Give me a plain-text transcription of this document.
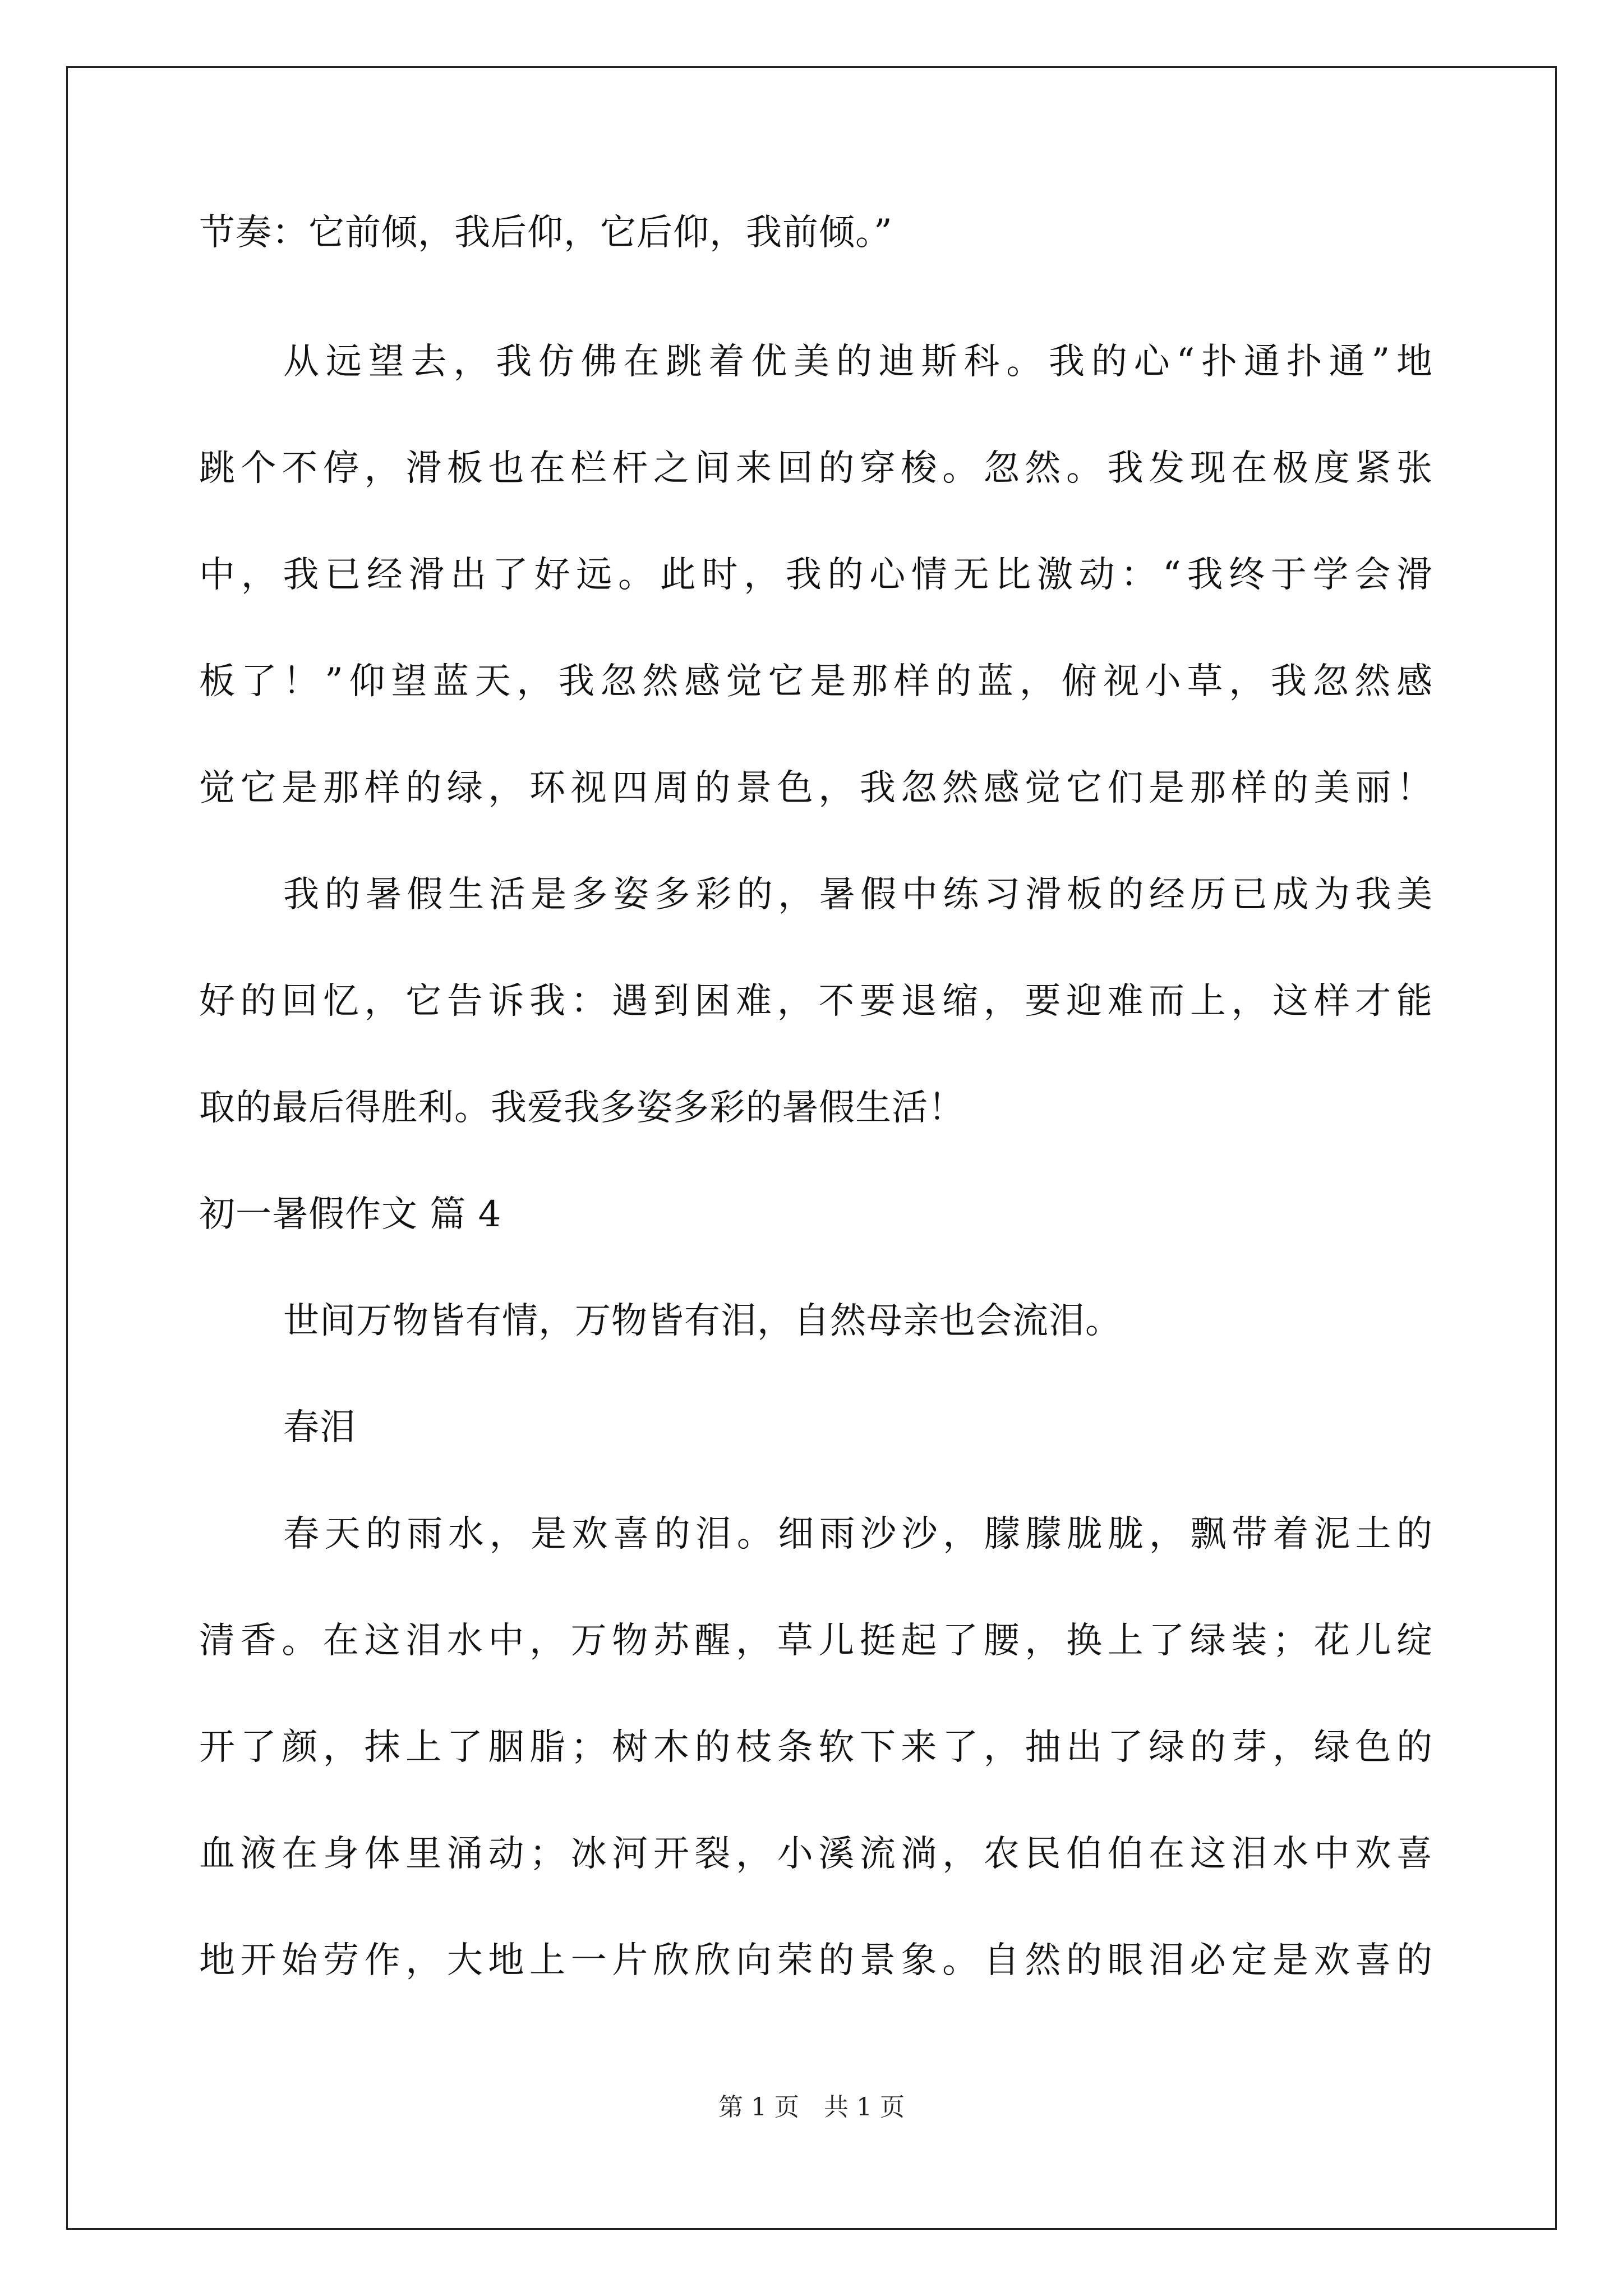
节奏：它前倾，我后仰，它后仰，我前倾。”
从远望去，我仿佛在跳着优美的迪斯科。我的心“扑通扑通”地
跳个不停，滑板也在栏杆之间来回的穿梭。忽然。我发现在极度紧张
中，我已经滑出了好远。此时，我的心情无比激动：“我终于学会滑
板了！”仰望蓝天，我忽然感觉它是那样的蓝，俯视小草，我忽然感
觉它是那样的绿，环视四周的景色，我忽然感觉它们是那样的美丽！
我的暑假生活是多姿多彩的，暑假中练习滑板的经历已成为我美
好的回忆，它告诉我：遇到困难，不要退缩，要迎难而上，这样才能
取的最后得胜利。我爱我多姿多彩的暑假生活！
初一暑假作文 篇 4
世间万物皆有情，万物皆有泪，自然母亲也会流泪。
春泪
春天的雨水，是欢喜的泪。细雨沙沙，朦朦胧胧，飘带着泥土的
清香。在这泪水中，万物苏醒，草儿挺起了腰，换上了绿装；花儿绽
开了颜，抹上了胭脂；树木的枝条软下来了，抽出了绿的芽，绿色的
血液在身体里涌动；冰河开裂，小溪流淌，农民伯伯在这泪水中欢喜
地开始劳作，大地上一片欣欣向荣的景象。自然的眼泪必定是欢喜的
第 1 页　共 1 页
